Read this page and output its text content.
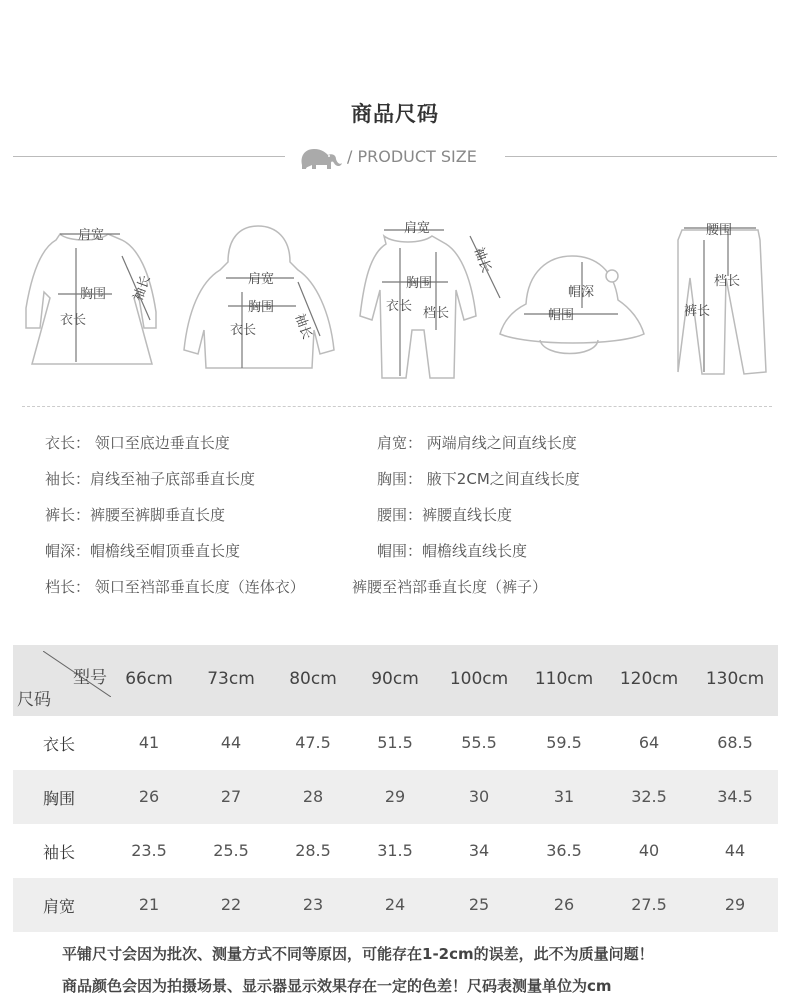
商品尺码
/ PRODUCT SIZE
肩宽
胸围
衣长
袖长	肩宽
胸围
衣长	袖长
肩宽
袖长
胸围
衣长 档长
帽深
帽围
腰围
档长
裤长
衣长： 领口至底边垂直长度	肩宽： 两端肩线之间直线长度
袖长：肩线至袖子底部垂直长度	胸围： 腋下2CM之间直线长度
裤长：裤腰至裤脚垂直长度	腰围：裤腰直线长度
帽深：帽檐线至帽顶垂直长度	帽围：帽檐线直线长度
档长： 领口至裆部垂直长度（连体衣）	裤腰至裆部垂直长度（裤子）
型号
尺码
66cm	73cm	80cm	90cm	100cm	110cm	120cm	130cm
衣长	41	44	47.5	51.5	55.5	59.5	64	68.5
胸围	26	27	28	29	30	31	32.5	34.5
袖长	23.5	25.5	28.5	31.5	34	36.5	40	44
肩宽	21	22	23	24	25	26	27.5	29
平铺尺寸会因为批次、测量方式不同等原因，可能存在1-2cm的误差，此不为质量问题！
商品颜色会因为拍摄场景、显示器显示效果存在一定的色差！尺码表测量单位为cm
